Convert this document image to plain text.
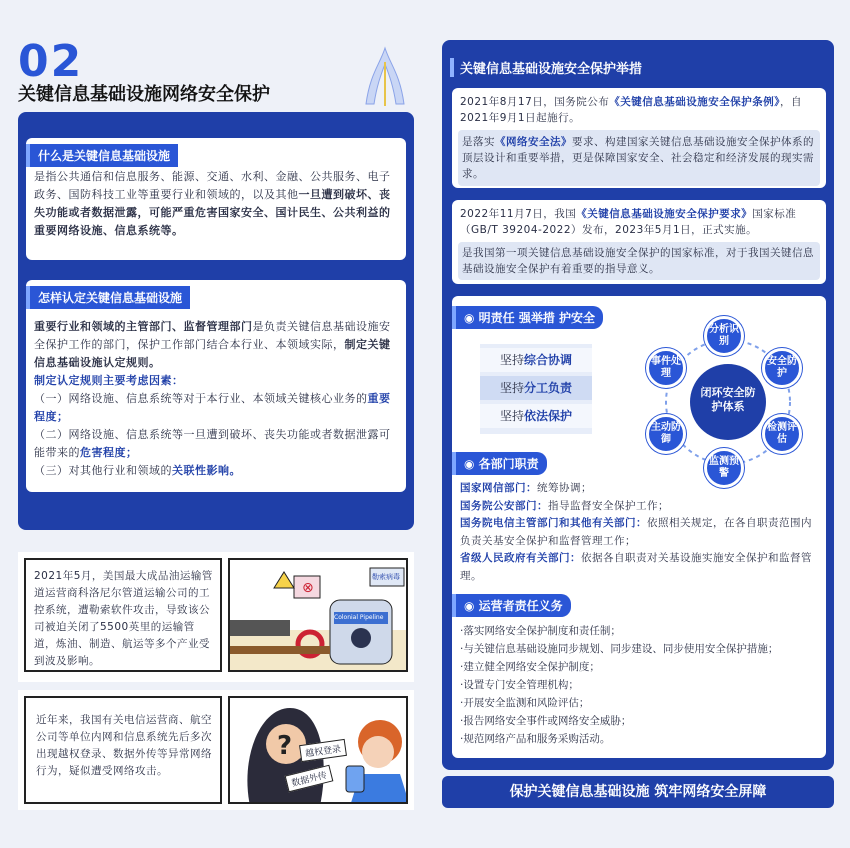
02
关键信息基础设施网络安全保护
什么是关键信息基础设施
是指公共通信和信息服务、能源、交通、水利、金融、公共服务、电子政务、国防科技工业等重要行业和领域的，以及其他一旦遭到破坏、丧失功能或者数据泄露，可能严重危害国家安全、国计民生、公共利益的重要网络设施、信息系统等。
怎样认定关键信息基础设施
重要行业和领域的主管部门、监督管理部门是负责关键信息基础设施安全保护工作的部门，保护工作部门结合本行业、本领域实际，制定关键信息基础设施认定规则。
制定认定规则主要考虑因素：
（一）网络设施、信息系统等对于本行业、本领域关键核心业务的重要程度；
（二）网络设施、信息系统等一旦遭到破坏、丧失功能或者数据泄露可能带来的危害程度；
（三）对其他行业和领域的关联性影响。
2021年5月，美国最大成品油运输管道运营商科洛尼尔管道运输公司的工控系统，遭勒索软件攻击，导致该公司被迫关闭了5500英里的运输管道，炼油、制造、航运等多个产业受到波及影响。
⊗
Colonial Pipeline
勒索病毒
近年来，我国有关电信运营商、航空公司等单位内网和信息系统先后多次出现越权登录、数据外传等异常网络行为，疑似遭受网络攻击。
?	越权登录
数据外传
关键信息基础设施安全保护举措
2021年8月17日，国务院公布《关键信息基础设施安全保护条例》，自2021年9月1日起施行。
是落实《网络安全法》要求、构建国家关键信息基础设施安全保护体系的顶层设计和重要举措，更是保障国家安全、社会稳定和经济发展的现实需求。
2022年11月7日，我国《关键信息基础设施安全保护要求》国家标准（GB/T 39204-2022）发布，2023年5月1日，正式实施。
是我国第一项关键信息基础设施安全保护的国家标准，对于我国关键信息基础设施安全保护有着重要的指导意义。
◉ 明责任 强举措 护安全
坚持综合协调
坚持分工负责
坚持依法保护
闭环安全防护体系
分析识别
安全防护
检测评估
监测预警
主动防御
事件处理
◉ 各部门职责
国家网信部门：统筹协调；
国务院公安部门：指导监督安全保护工作；
国务院电信主管部门和其他有关部门：依照相关规定，在各自职责范围内负责关基安全保护和监督管理工作；
省级人民政府有关部门：依据各自职责对关基设施实施安全保护和监督管理。
◉ 运营者责任义务
·落实网络安全保护制度和责任制；
·与关键信息基础设施同步规划、同步建设、同步使用安全保护措施；
·建立健全网络安全保护制度；
·设置专门安全管理机构；
·开展安全监测和风险评估；
·报告网络安全事件或网络安全威胁；
·规范网络产品和服务采购活动。
保护关键信息基础设施 筑牢网络安全屏障
